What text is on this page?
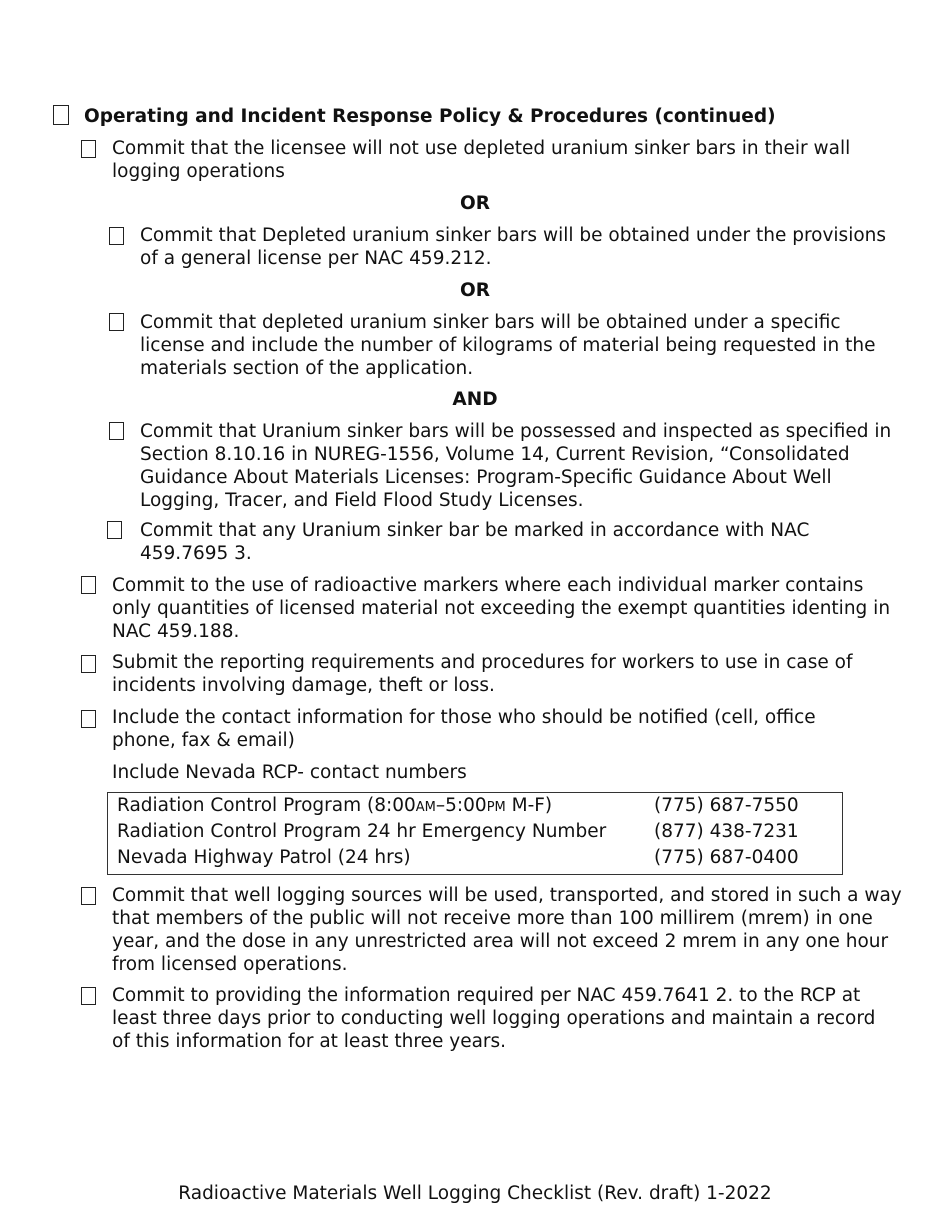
Operating and Incident Response Policy & Procedures (continued)
Commit that the licensee will not use depleted uranium sinker bars in their wall logging operations
OR
Commit that Depleted uranium sinker bars will be obtained under the provisions of a general license per NAC 459.212.
OR
Commit that depleted uranium sinker bars will be obtained under a specific license and include the number of kilograms of material being requested in the materials section of the application.
AND
Commit that Uranium sinker bars will be possessed and inspected as specified in Section 8.10.16 in NUREG-1556, Volume 14, Current Revision, “Consolidated Guidance About Materials Licenses: Program-Specific Guidance About Well Logging, Tracer, and Field Flood Study Licenses.
Commit that any Uranium sinker bar be marked in accordance with NAC 459.7695 3.
Commit to the use of radioactive markers where each individual marker contains only quantities of licensed material not exceeding the exempt quantities identing in NAC 459.188.
Submit the reporting requirements and procedures for workers to use in case of incidents involving damage, theft or loss.
Include the contact information for those who should be notified (cell, office phone, fax & email)
Include Nevada RCP- contact numbers
Radiation Control Program (8:00AM–5:00PM M-F)	(775) 687-7550
Radiation Control Program 24 hr Emergency Number	(877) 438-7231
Nevada Highway Patrol (24 hrs)	(775) 687-0400
Commit that well logging sources will be used, transported, and stored in such a way that members of the public will not receive more than 100 millirem (mrem) in one year, and the dose in any unrestricted area will not exceed 2 mrem in any one hour from licensed operations.
Commit to providing the information required per NAC 459.7641 2. to the RCP at least three days prior to conducting well logging operations and maintain a record of this information for at least three years.
Radioactive Materials Well Logging Checklist (Rev. draft) 1-2022
